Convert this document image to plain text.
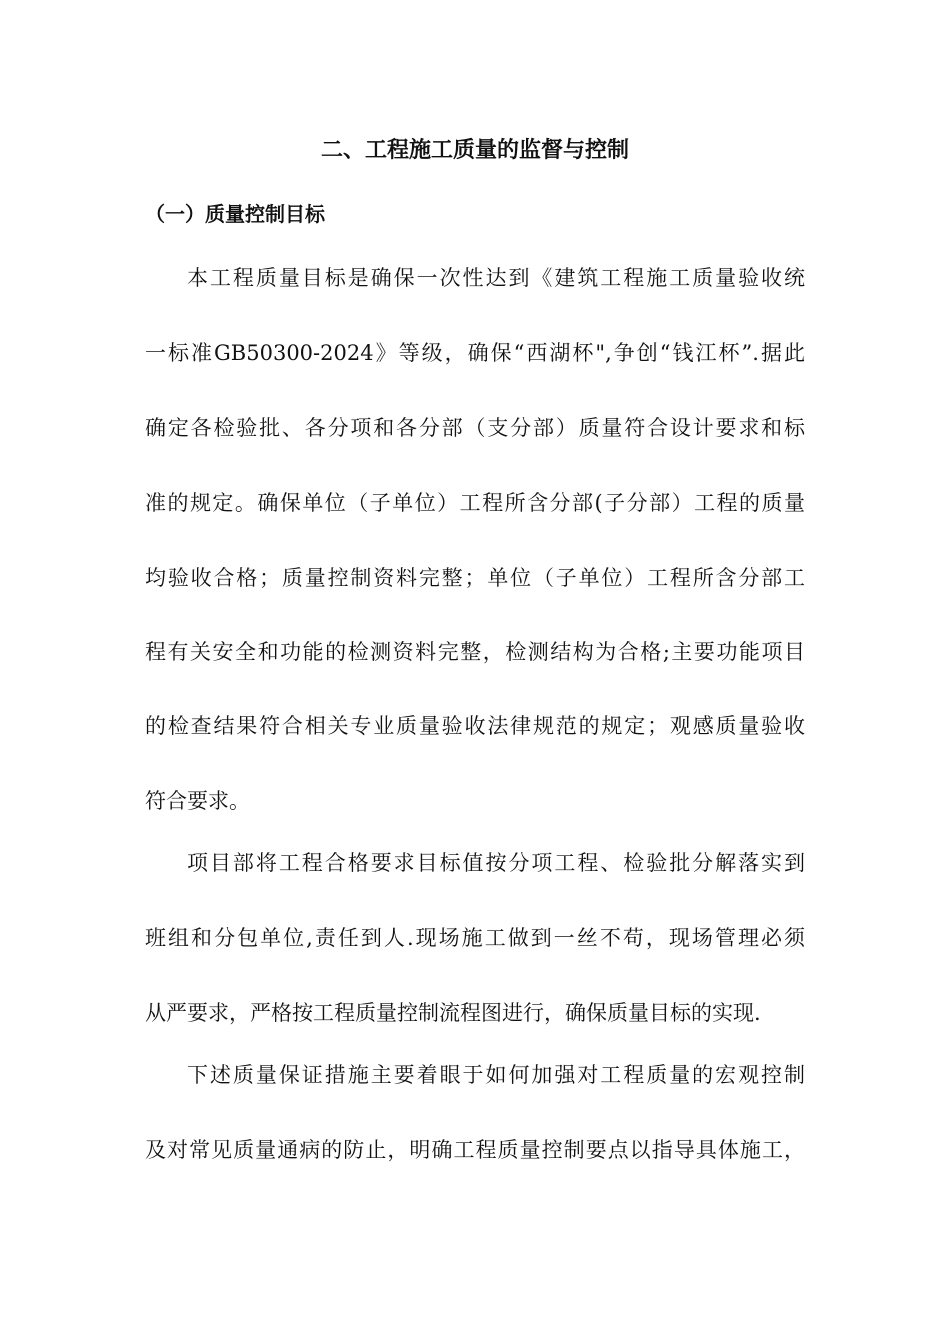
二、工程施工质量的监督与控制
（一）质量控制目标

本工程质量目标是确保一次性达到《建筑工程施工质量验收统

一标准GB50300-2024》等级，确保“西湖杯",争创“钱江杯”.据此

确定各检验批、各分项和各分部（支分部）质量符合设计要求和标

准的规定。确保单位（子单位）工程所含分部(子分部）工程的质量

均验收合格；质量控制资料完整；单位（子单位）工程所含分部工

程有关安全和功能的检测资料完整，检测结构为合格;主要功能项目

的检查结果符合相关专业质量验收法律规范的规定；观感质量验收

符合要求。

项目部将工程合格要求目标值按分项工程、检验批分解落实到

班组和分包单位,责任到人.现场施工做到一丝不苟，现场管理必须

从严要求，严格按工程质量控制流程图进行，确保质量目标的实现.

下述质量保证措施主要着眼于如何加强对工程质量的宏观控制

及对常见质量通病的防止，明确工程质量控制要点以指导具体施工，
